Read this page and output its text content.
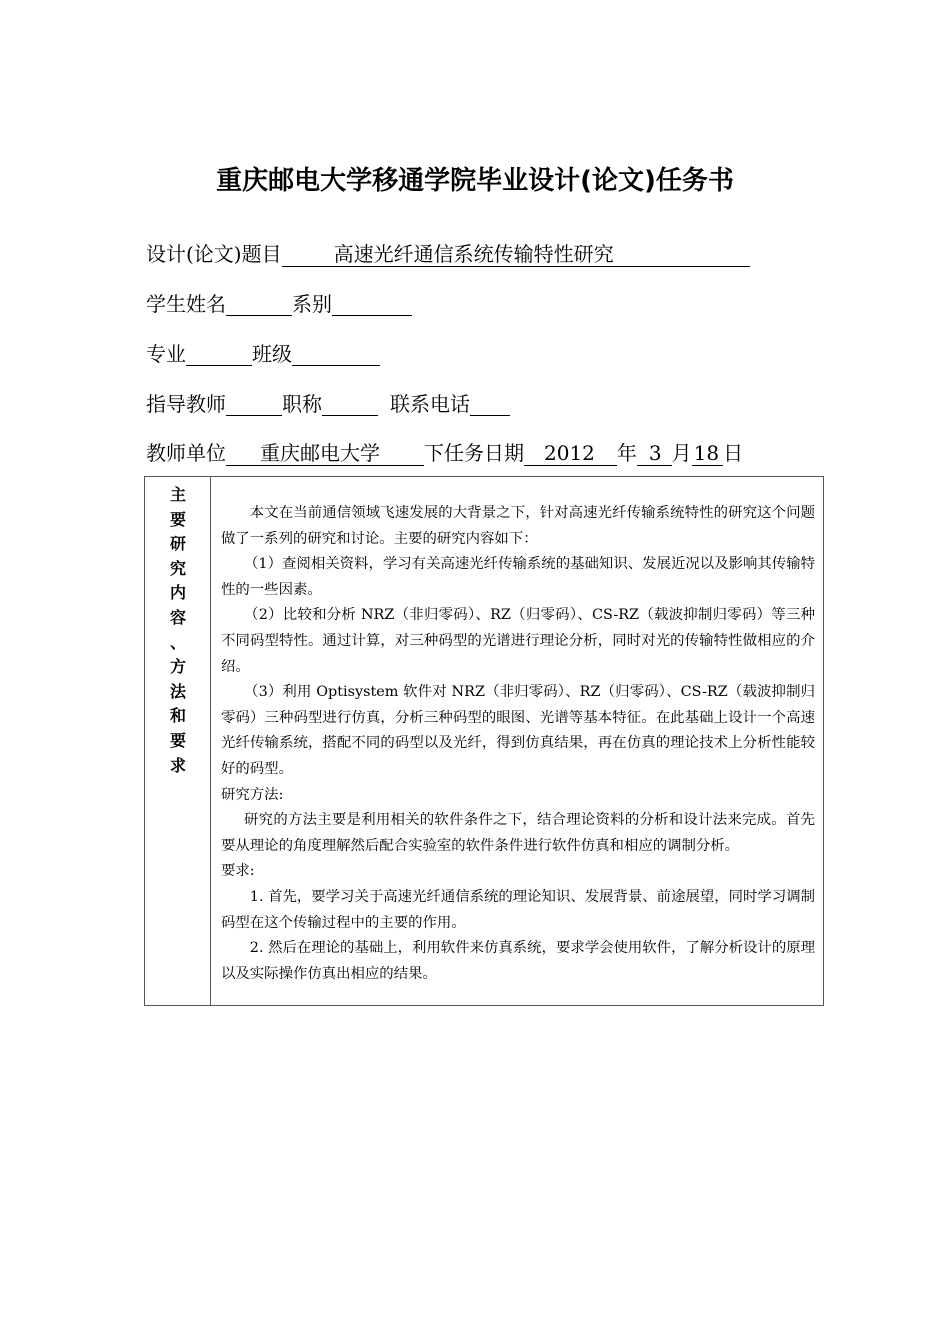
重庆邮电大学移通学院毕业设计(论文)任务书
设计(论文)题目	高速光纤通信系统传输特性研究
学生姓名	系别
专业	班级
指导教师	职称	联系电话
教师单位 重庆邮电大学 下任务日期 2012 年 3 月 18 日
主
要
研
究
内
容
、
方
法
和
要
求

本文在当前通信领域飞速发展的大背景之下，针对高速光纤传输系统特性的研究这个问题做了一系列的研究和讨论。主要的研究内容如下：

（1）查阅相关资料，学习有关高速光纤传输系统的基础知识、发展近况以及影响其传输特性的一些因素。

（2）比较和分析 NRZ（非归零码）、RZ（归零码）、CS-RZ（载波抑制归零码）等三种不同码型特性。通过计算，对三种码型的光谱进行理论分析，同时对光的传输特性做相应的介绍。

（3）利用 Optisystem 软件对 NRZ（非归零码）、RZ（归零码）、CS-RZ（载波抑制归零码）三种码型进行仿真，分析三种码型的眼图、光谱等基本特征。在此基础上设计一个高速光纤传输系统，搭配不同的码型以及光纤，得到仿真结果，再在仿真的理论技术上分析性能较好的码型。

研究方法:

研究的方法主要是利用相关的软件条件之下，结合理论资料的分析和设计法来完成。首先要从理论的角度理解然后配合实验室的软件条件进行软件仿真和相应的调制分析。

要求:

1. 首先，要学习关于高速光纤通信系统的理论知识、发展背景、前途展望，同时学习调制码型在这个传输过程中的主要的作用。

2. 然后在理论的基础上，利用软件来仿真系统，要求学会使用软件，了解分析设计的原理以及实际操作仿真出相应的结果。
